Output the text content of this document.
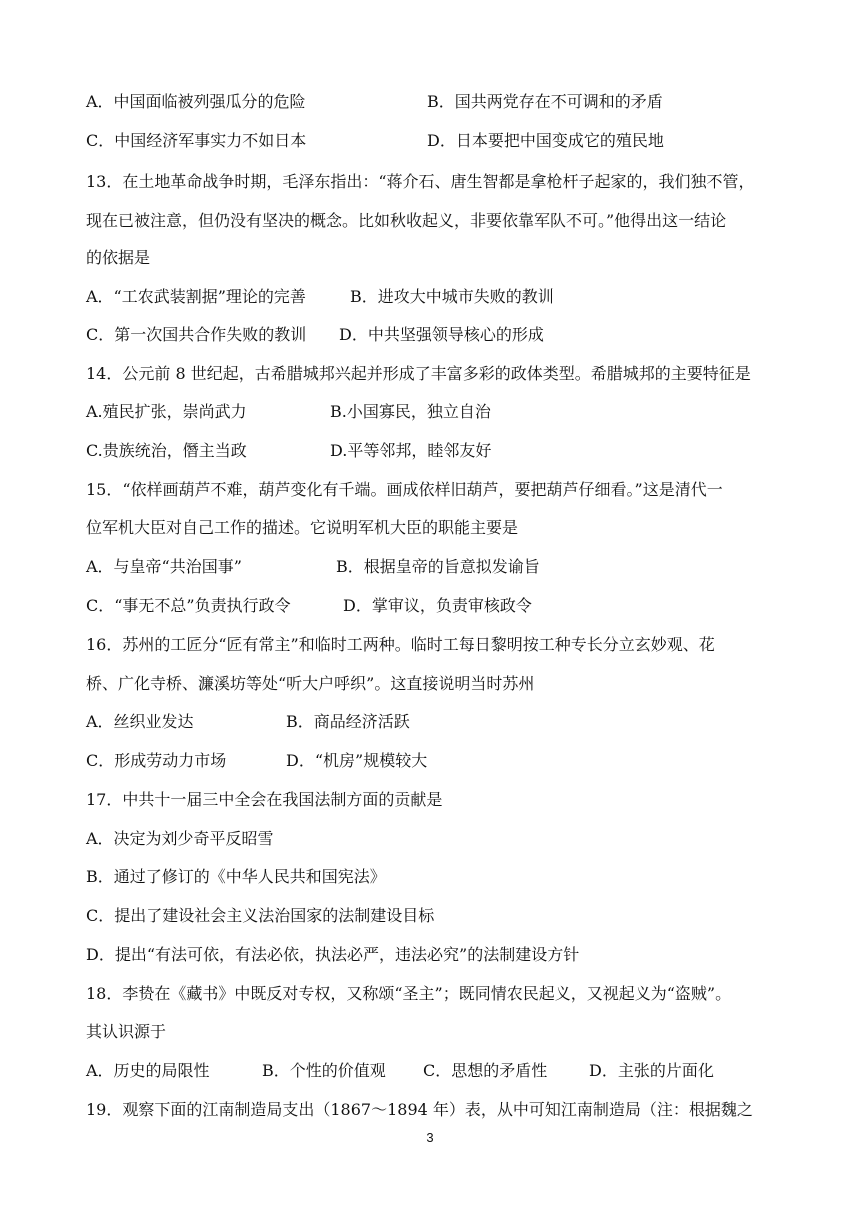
A．中国面临被列强瓜分的危险	B．国共两党存在不可调和的矛盾
C．中国经济军事实力不如日本	D．日本要把中国变成它的殖民地
13．在土地革命战争时期，毛泽东指出：“蒋介石、唐生智都是拿枪杆子起家的，我们独不管，
现在已被注意，但仍没有坚决的概念。比如秋收起义，非要依靠军队不可。”他得出这一结论
的依据是
A．“工农武装割据”理论的完善	B．进攻大中城市失败的教训
C．第一次国共合作失败的教训 D．中共坚强领导核心的形成
14．公元前 8 世纪起，古希腊城邦兴起并形成了丰富多彩的政体类型。希腊城邦的主要特征是
A.殖民扩张，崇尚武力	B.小国寡民，独立自治
C.贵族统治，僭主当政	D.平等邻邦，睦邻友好
15．“依样画葫芦不难，葫芦变化有千端。画成依样旧葫芦，要把葫芦仔细看。”这是清代一
位军机大臣对自己工作的描述。它说明军机大臣的职能主要是
A．与皇帝“共治国事”	B．根据皇帝的旨意拟发谕旨
C．“事无不总”负责执行政令	D．掌审议，负责审核政令
16．苏州的工匠分“匠有常主”和临时工两种。临时工每日黎明按工种专长分立玄妙观、花
桥、广化寺桥、濂溪坊等处“听大户呼织”。这直接说明当时苏州
A．丝织业发达	B．商品经济活跃
C．形成劳动力市场	D．“机房”规模较大
17．中共十一届三中全会在我国法制方面的贡献是
A．决定为刘少奇平反昭雪
B．通过了修订的《中华人民共和国宪法》
C．提出了建设社会主义法治国家的法制建设目标
D．提出“有法可依，有法必依，执法必严，违法必究”的法制建设方针
18．李贽在《藏书》中既反对专权，又称颂“圣主”；既同情农民起义，又视起义为“盗贼”。
其认识源于
A．历史的局限性	B．个性的价值观 C．思想的矛盾性	D．主张的片面化
19．观察下面的江南制造局支出（1867～1894 年）表，从中可知江南制造局（注：根据魏之
3
